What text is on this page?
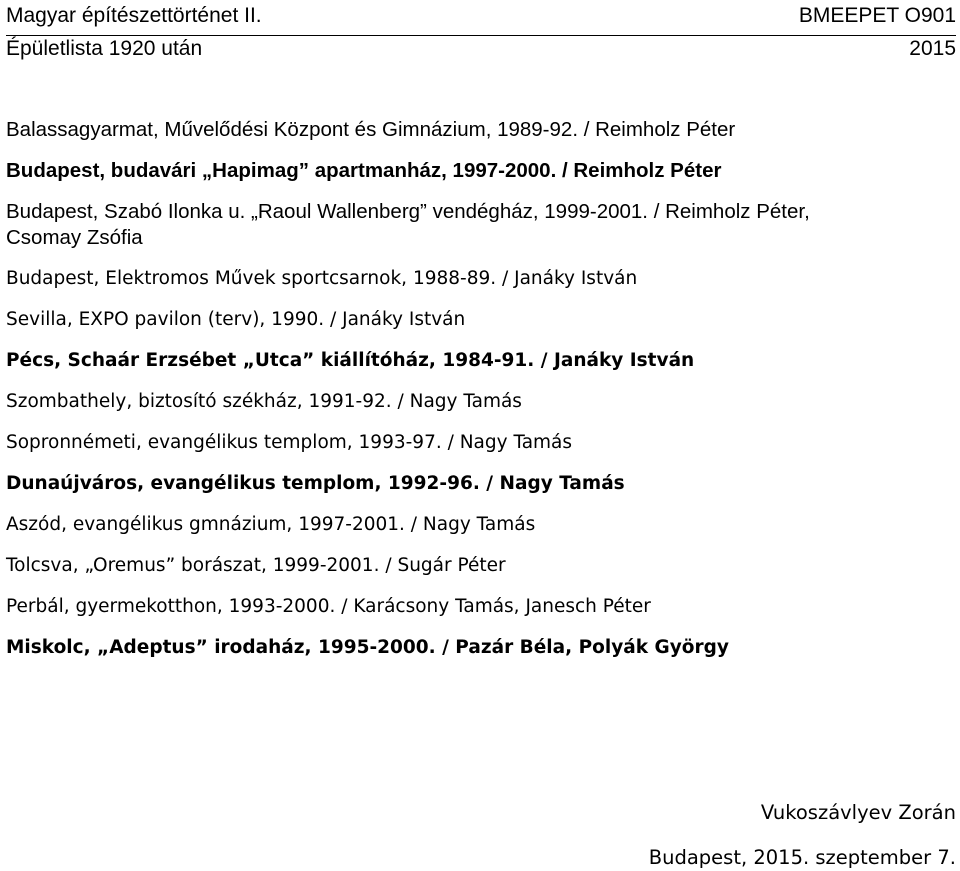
Magyar építészettörténet II.	BMEEPET O901
Épületlista 1920 után	2015
Balassagyarmat, Művelődési Központ és Gimnázium, 1989-92. / Reimholz Péter
Budapest, budavári „Hapimag” apartmanház, 1997-2000. / Reimholz Péter
Budapest, Szabó Ilonka u. „Raoul Wallenberg” vendégház, 1999-2001. / Reimholz Péter,
Csomay Zsófia
Budapest, Elektromos Művek sportcsarnok, 1988-89. / Janáky István
Sevilla, EXPO pavilon (terv), 1990. / Janáky István
Pécs, Schaár Erzsébet „Utca” kiállítóház, 1984-91. / Janáky István
Szombathely, biztosító székház, 1991-92. / Nagy Tamás
Sopronnémeti, evangélikus templom, 1993-97. / Nagy Tamás
Dunaújváros, evangélikus templom, 1992-96. / Nagy Tamás
Aszód, evangélikus gmnázium, 1997-2001. / Nagy Tamás
Tolcsva, „Oremus” borászat, 1999-2001. / Sugár Péter
Perbál, gyermekotthon, 1993-2000. / Karácsony Tamás, Janesch Péter
Miskolc, „Adeptus” irodaház, 1995-2000. / Pazár Béla, Polyák György
Vukoszávlyev Zorán
Budapest, 2015. szeptember 7.
